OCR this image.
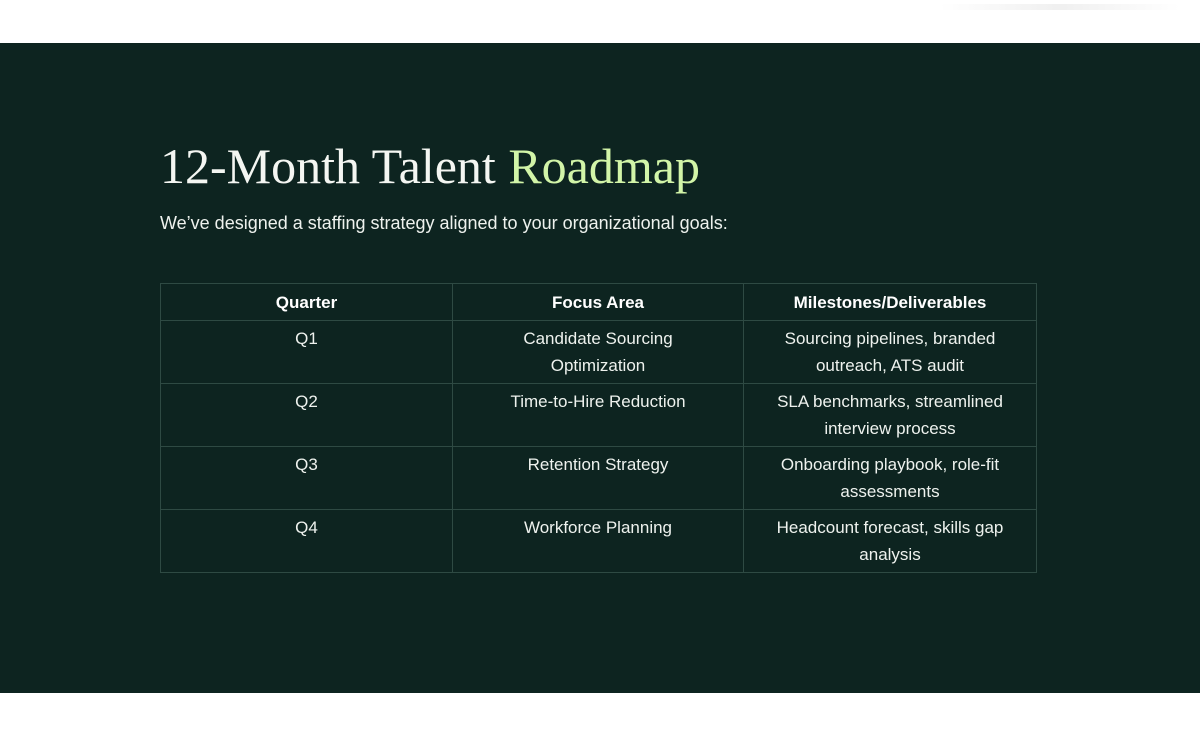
12-Month Talent Roadmap

We’ve designed a staffing strategy aligned to your organizational goals:

Quarter	Focus Area	Milestones/Deliverables
Q1	Candidate Sourcing Optimization	Sourcing pipelines, branded outreach, ATS audit
Q2	Time-to-Hire Reduction	SLA benchmarks, streamlined interview process
Q3	Retention Strategy	Onboarding playbook, role-fit assessments
Q4	Workforce Planning	Headcount forecast, skills gap analysis
